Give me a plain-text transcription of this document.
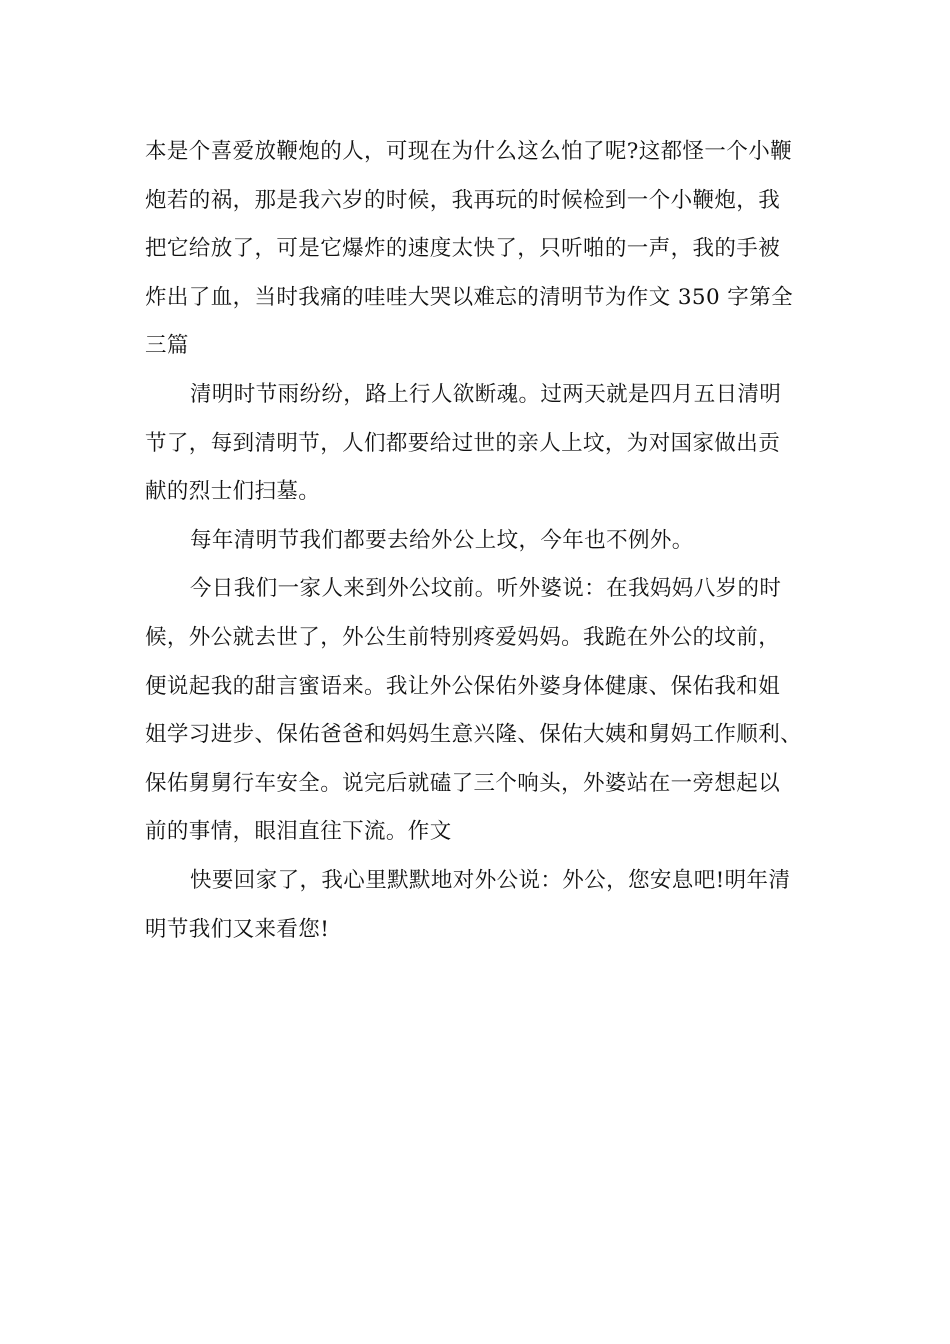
本是个喜爱放鞭炮的人，可现在为什么这么怕了呢?这都怪一个小鞭
炮若的祸，那是我六岁的时候，我再玩的时候检到一个小鞭炮，我
把它给放了，可是它爆炸的速度太快了，只听啪的一声，我的手被
炸出了血，当时我痛的哇哇大哭以难忘的清明节为作文 350 字第全
三篇

清明时节雨纷纷，路上行人欲断魂。过两天就是四月五日清明
节了，每到清明节，人们都要给过世的亲人上坟，为对国家做出贡
献的烈士们扫墓。

每年清明节我们都要去给外公上坟，今年也不例外。

今日我们一家人来到外公坟前。听外婆说：在我妈妈八岁的时
候，外公就去世了，外公生前特别疼爱妈妈。我跪在外公的坟前，
便说起我的甜言蜜语来。我让外公保佑外婆身体健康、保佑我和姐
姐学习进步、保佑爸爸和妈妈生意兴隆、保佑大姨和舅妈工作顺利、
保佑舅舅行车安全。说完后就磕了三个响头，外婆站在一旁想起以
前的事情，眼泪直往下流。作文

快要回家了，我心里默默地对外公说：外公，您安息吧!明年清
明节我们又来看您!
